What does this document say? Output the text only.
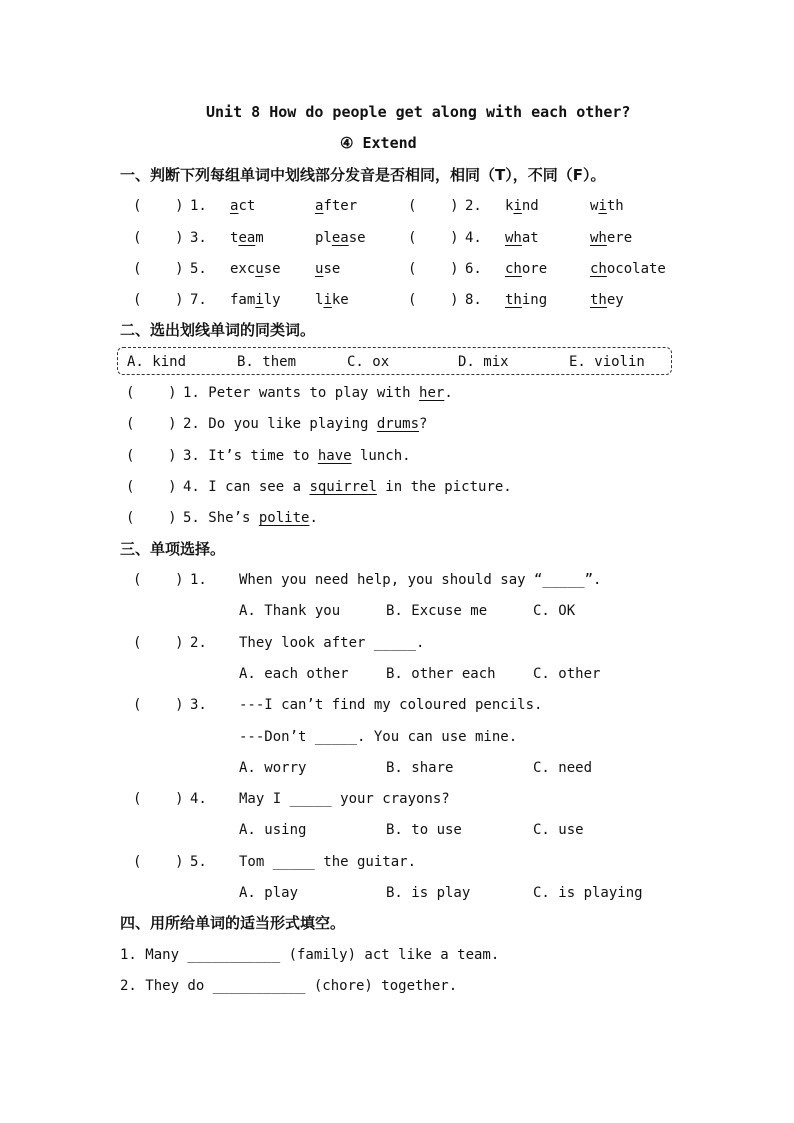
Unit 8 How do people get along with each other?
④ Extend
一、判断下列每组单词中划线部分发音是否相同，相同（T），不同（F）。
(    ) 1. act	after	(    ) 2. kind	with
(    ) 3. team	please	(    ) 4. what	where
(    ) 5. excuse use	(    ) 6. chore	chocolate
(    ) 7. family like	(    ) 8. thing	they
二、选出划线单词的同类词。
A. kind	B. them	C. ox	D. mix	E. violin
(    ) 1. Peter wants to play with her.
(    ) 2. Do you like playing drums?
(    ) 3. It’s time to have lunch.
(    ) 4. I can see a squirrel in the picture.
(    ) 5. She’s polite.
三、单项选择。
(    ) 1. When you need help, you should say “_____”.
A. Thank you	B. Excuse me	C. OK
(    ) 2. They look after _____.
A. each other	B. other each	C. other
(    ) 3. ---I can’t find my coloured pencils.
---Don’t _____. You can use mine.
A. worry	B. share	C. need
(    ) 4. May I _____ your crayons?
A. using	B. to use	C. use
(    ) 5. Tom _____ the guitar.
A. play	B. is play	C. is playing
四、用所给单词的适当形式填空。
1. Many ___________ (family) act like a team.
2. They do ___________ (chore) together.
